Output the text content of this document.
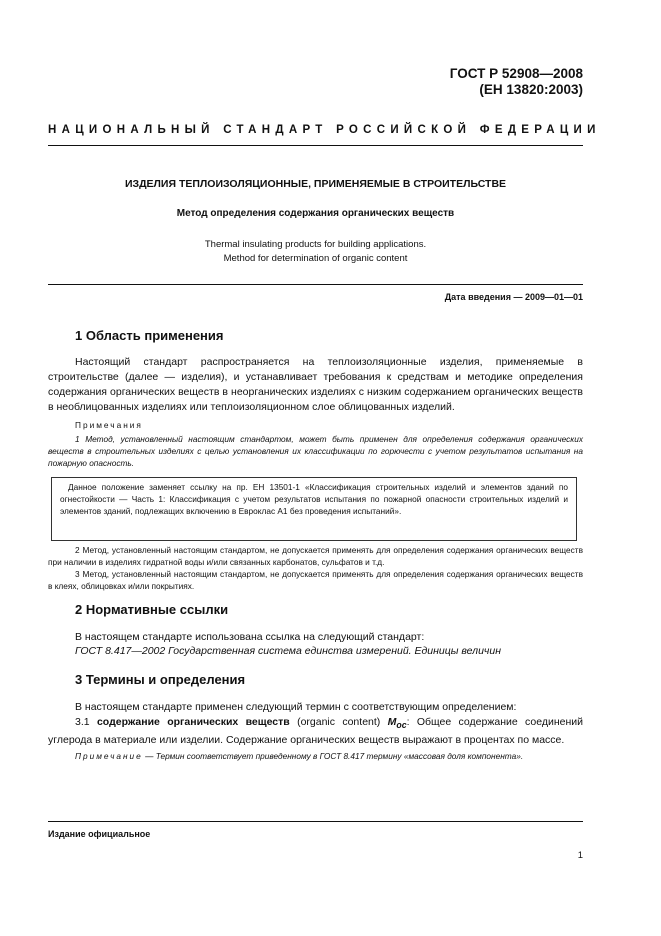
ГОСТ Р 52908—2008
(ЕН 13820:2003)
НАЦИОНАЛЬНЫЙ СТАНДАРТ РОССИЙСКОЙ ФЕДЕРАЦИИ
ИЗДЕЛИЯ ТЕПЛОИЗОЛЯЦИОННЫЕ, ПРИМЕНЯЕМЫЕ В СТРОИТЕЛЬСТВЕ
Метод определения содержания органических веществ
Thermal insulating products for building applications.
Method for determination of organic content
Дата введения — 2009—01—01
1 Область применения
Настоящий стандарт распространяется на теплоизоляционные изделия, применяемые в строительстве (далее — изделия), и устанавливает требования к средствам и методике определения содержания органических веществ в неорганических изделиях с низким содержанием органических веществ в необлицованных изделиях или теплоизоляционном слое облицованных изделий.
Примечания
1 Метод, установленный настоящим стандартом, может быть применен для определения содержания органических веществ в строительных изделиях с целью установления их классификации по горючести с учетом результатов испытания на пожарную опасность.
Данное положение заменяет ссылку на пр. ЕН 13501-1 «Классификация строительных изделий и элементов зданий по огнестойкости — Часть 1: Классификация с учетом результатов испытания по пожарной опасности строительных изделий и элементов зданий, подлежащих включению в Евроклас А1 без проведения испытаний».
2 Метод, установленный настоящим стандартом, не допускается применять для определения содержания органических веществ при наличии в изделиях гидратной воды и/или связанных карбонатов, сульфатов и т.д.
3 Метод, установленный настоящим стандартом, не допускается применять для определения содержания органических веществ в клеях, облицовках и/или покрытиях.
2 Нормативные ссылки
В настоящем стандарте использована ссылка на следующий стандарт:
ГОСТ 8.417—2002 Государственная система единства измерений. Единицы величин
3 Термины и определения
В настоящем стандарте применен следующий термин с соответствующим определением:
3.1 содержание органических веществ (organic content) $M_{oc}$: Общее содержание соединений углерода в материале или изделии. Содержание органических веществ выражают в процентах по массе.
Примечание — Термин соответствует приведенному в ГОСТ 8.417 термину «массовая доля компонента».
Издание официальное
1
